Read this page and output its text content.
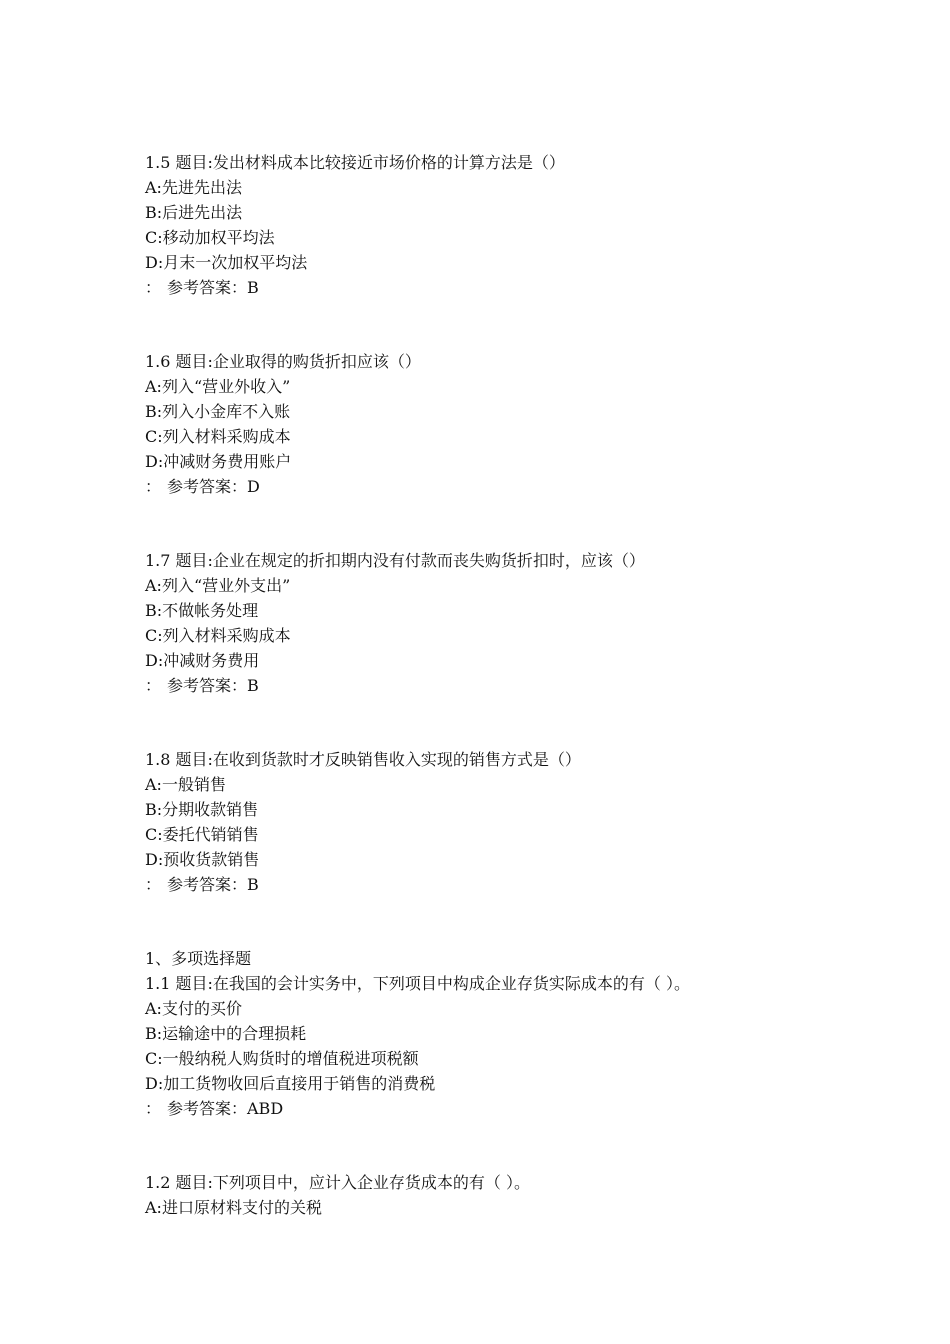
1.5 题目:发出材料成本比较接近市场价格的计算方法是（）
A:先进先出法
B:后进先出法
C:移动加权平均法
D:月末一次加权平均法
： 参考答案：B
1.6 题目:企业取得的购货折扣应该（）
A:列入“营业外收入”
B:列入小金库不入账
C:列入材料采购成本
D:冲减财务费用账户
： 参考答案：D
1.7 题目:企业在规定的折扣期内没有付款而丧失购货折扣时，应该（）
A:列入“营业外支出”
B:不做帐务处理
C:列入材料采购成本
D:冲减财务费用
： 参考答案：B
1.8 题目:在收到货款时才反映销售收入实现的销售方式是（）
A:一般销售
B:分期收款销售
C:委托代销销售
D:预收货款销售
： 参考答案：B
1、多项选择题
1.1 题目:在我国的会计实务中，下列项目中构成企业存货实际成本的有（ ）。
A:支付的买价
B:运输途中的合理损耗
C:一般纳税人购货时的增值税进项税额
D:加工货物收回后直接用于销售的消费税
： 参考答案：ABD
1.2 题目:下列项目中，应计入企业存货成本的有（ ）。
A:进口原材料支付的关税
